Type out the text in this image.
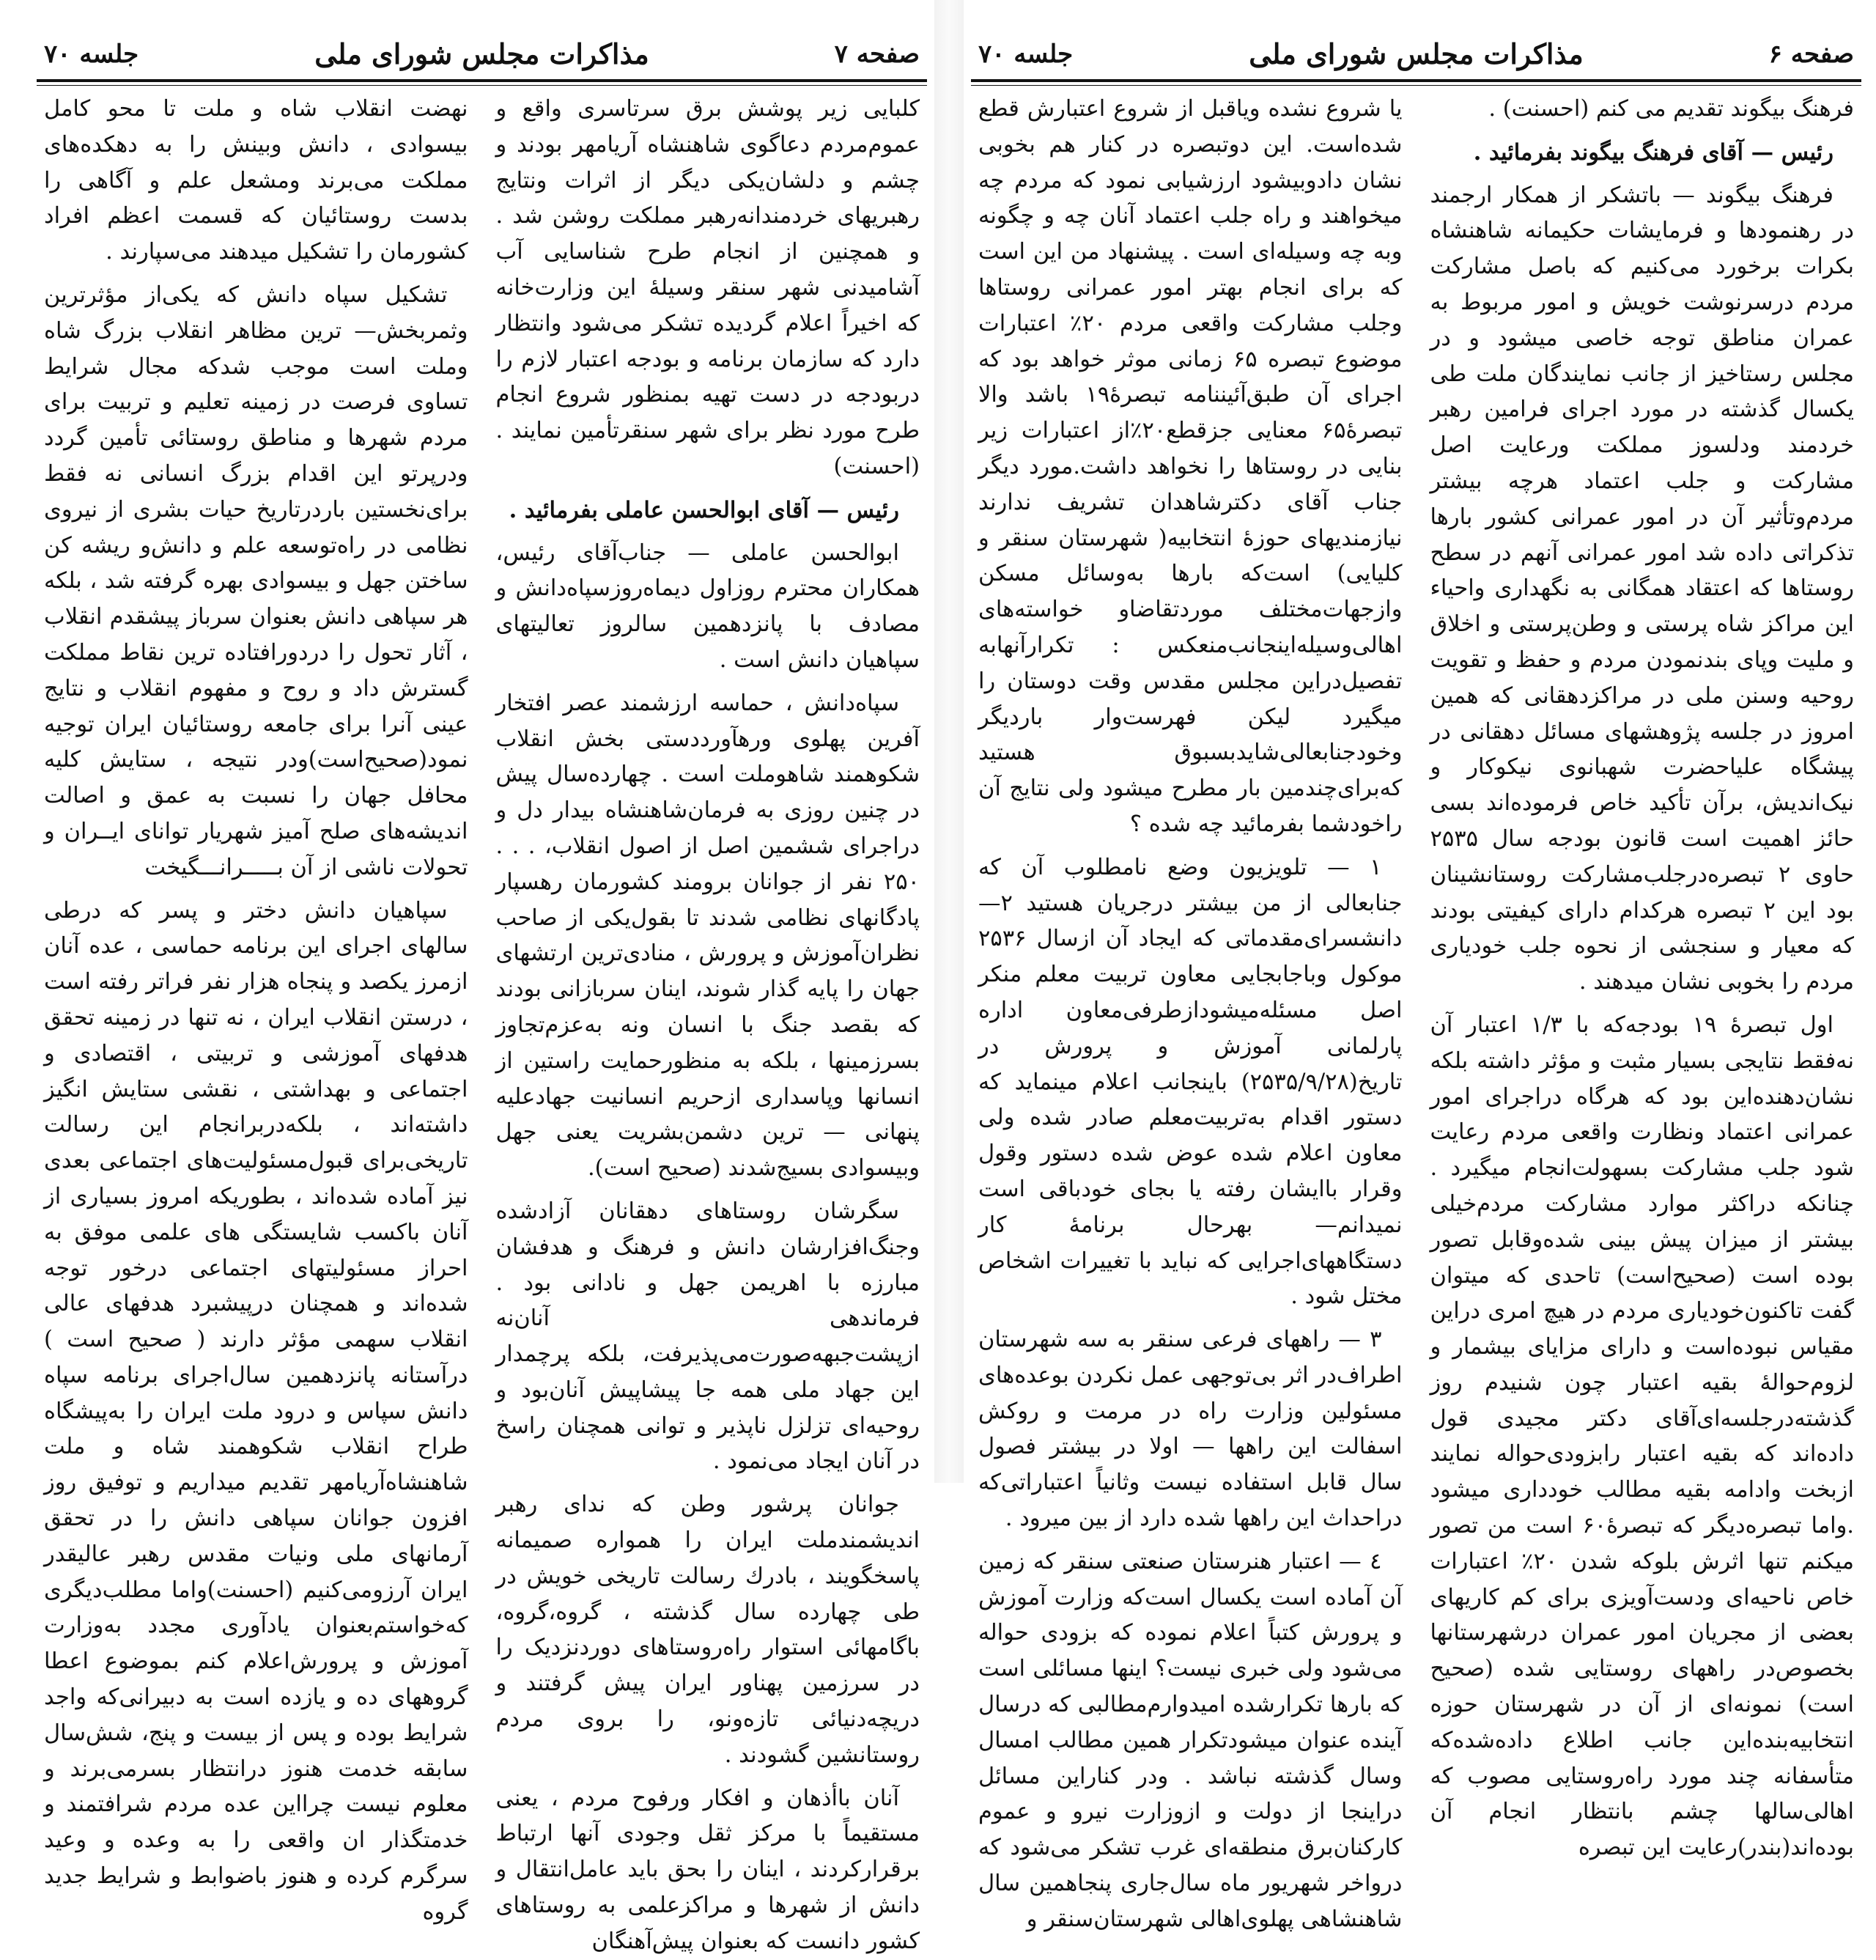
صفحه ۷
مذاکرات مجلس شورای ملی
جلسه ۷۰

کلبایی زیر پوشش برق سرتاسری واقع و عموم‌مردم دعاگوی شاهنشاه آریامهر بودند و چشم و دلشان‌یکی دیگر از اثرات ونتایج رهبریهای خردمندانه‌رهبر مملکت روشن شد . و همچنین از انجام طرح شناسایی آب آشامیدنی شهر سنقر وسیلهٔ این وزارت‌خانه که اخیراً اعلام گردیده تشکر می‌شود وانتظار دارد که سازمان برنامه و بودجه اعتبار لازم را دربودجه در دست تهیه بمنظور شروع انجام طرح مورد نظر برای شهر سنقرتأمین نمایند .(احسنت)

رئیس — آقای ابوالحسن عاملی بفرمائید .

ابوالحسن عاملی — جناب‌آقای رئیس، همکاران محترم روزاول دیماه‌روزسپاه‌دانش و مصادف با پانزدهمین سالروز تعالیتهای سپاهیان دانش است .

سپاه‌دانش ، حماسه ارزشمند عصر افتخار آفرین پهلوی و‌رهآورد‌دستی بخش انقلاب شکوهمند شاهوملت است . چهارده‌سال پیش در چنین روزی به فرمان‌شاهنشاه بیدار دل و دراجرای ششمین اصل از اصول انقلاب، . . . ۲۵۰ نفر از جوانان برومند کشورمان رهسپار پادگانهای نظامی شدند تا بقول‌یکی از صاحب نظران‌آموزش و پرورش ، منادی‌ترین ارتشهای جهان را پایه گذار شوند، اینان سربازانی بودند که بقصد جنگ با انسان ونه به‌عزم‌تجاوز بسرزمینها ، بلکه به منظورحمایت راستین از انسانها وپاسداری ازحریم انسانیت جهادعلیه پنهانی — ترین دشمن‌بشریت یعنی جهل وبیسوادی بسیج‌شدند (صحیح است).

سگرشان روستاهای دهقانان آزادشده وجنگ‌افزارشان دانش و فرهنگ و هدفشان مبارزه با اهریمن جهل و نادانی بود . فرماندهی آنان‌نه ازپشت‌جبهه‌صورت‌می‌پذیرفت، بلکه پرچمدار این جهاد ملی همه جا پیشاپیش آنان‌بود و روحیه‌ای تزلزل ناپذیر و توانی همچنان راسخ در آنان ایجاد می‌نمود .

جوانان پرشور وطن که ندای رهبر اندیشمندملت ایران را همواره صمیمانه پاسخگویند ، بادرك رسالت تاریخی خویش در طی چهارده سال گذشته ، گروه،گروه، باگامهائی استوار راه‌روستاهای دوردنزدیک را در سرزمین پهناور ایران پیش گرفتند و دریچه‌دنیائی تازه‌ونو، را بروی مردم روستانشین گشودند .

آنان باأذهان و افکار ورفوح مردم ، یعنی مستقیماً با مرکز ثقل وجودی آنها ارتباط برقرارکردند ، اینان را بحق باید عامل‌انتقال و دانش از شهرها و مراکزعلمی به روستاهای کشور دانست که بعنوان پیش‌آهنگان

نهضت انقلاب شاه و ملت تا محو کامل بیسوادی ، دانش وبینش را به دهکده‌های مملکت می‌برند ومشعل علم و آگاهی را بدست روستائیان که قسمت اعظم افراد کشورمان را تشکیل میدهند می‌سپارند .

تشکیل سپاه دانش که یکی‌از مؤثرترین وثمربخش— ترین مظاهر انقلاب بزرگ شاه وملت است موجب شدکه مجال شرایط تساوی فرصت در زمینه تعلیم و تربیت برای مردم شهرها و مناطق روستائی تأمین گردد ودرپرتو این اقدام بزرگ انسانی نه فقط برای‌نخستین باردرتاریخ حیات بشری از نیروی نظامی در راه‌توسعه علم و دانش‌و ریشه کن ساختن جهل و بیسوادی بهره گرفته شد ، بلکه هر سپاهی دانش بعنوان سرباز پیشقدم انقلاب ، آثار تحول را دردورافتاده ترین نقاط مملکت گسترش داد و روح و مفهوم انقلاب و نتایج عینی آنرا برای جامعه روستائیان ایران توجیه نمود(صحیح‌است)ودر نتیجه ، ستایش کلیه محافل جهان را نسبت به عمق و اصالت اندیشه‌های صلح آمیز شهریار توانای ایــران و تحولات ناشی از آن بـــــرانـــگیخت

سپاهیان دانش دختر و پسر که درطی سالهای اجرای این برنامه حماسی ، عده آنان ازمرز یکصد و پنجاه هزار نفر فراتر رفته است ، درستن انقلاب ایران ، نه تنها در زمینه تحقق هدفهای آموزشی و تربیتی ، اقتصادی و اجتماعی و بهداشتی ، نقشی ستایش انگیز داشته‌اند ، بلکه‌دربرانجام این رسالت تاریخی‌برای قبول‌مسئولیت‌های اجتماعی بعدی نیز آماده شده‌اند ، بطوریکه امروز بسیاری از آنان باکسب شایستگی های علمی موفق به احراز مسئولیتهای اجتماعی درخور توجه شده‌اند و همچنان درپیشبرد هدفهای عالی انقلاب سهمی مؤثر دارند ( صحیح است ) درآستانه پانزدهمین سال‌اجرای برنامه سپاه دانش سپاس و درود ملت ایران را به‌پیشگاه طراح انقلاب شکوهمند شاه و ملت شاهنشاه‌آریامهر تقدیم میداریم و توفیق روز افزون جوانان سپاهی دانش را در تحقق آرمانهای ملی ونیات مقدس رهبر عالیقدر ایران آرزومی‌کنیم (احسنت)واما مطلب‌دیگری که‌خواستم‌بعنوان یادآوری مجدد به‌وزارت آموزش و پرورش‌اعلام کنم بموضوع اعطا گروههای ده و یازده است به دبیرانی‌که واجد شرایط بوده و پس از بیست و پنج، شش‌سال سابقه خدمت هنوز درانتظار بسرمی‌برند و معلوم نیست چرااین عده مردم شرافتمند و خدمتگذار ان واقعی را به وعده و وعید سرگرم کرده و هنوز باضوابط و شرایط جدید گروه

صفحه ۶
مذاکرات مجلس شورای ملی
جلسه ۷۰

فرهنگ بیگوند تقدیم می کنم (احسنت) .

رئیس — آقای فرهنگ بیگوند بفرمائید .

فرهنگ بیگوند — باتشکر از همکار ارجمند در رهنمودها و فرمایشات حکیمانه شاهنشاه بکرات برخورد می‌کنیم که باصل مشارکت مردم درسرنوشت خویش و امور مربوط به عمران مناطق توجه خاصی میشود و در مجلس رستاخیز از جانب نمایندگان ملت طی یکسال گذشته در مورد اجرای فرامین رهبر خردمند ودلسوز مملکت ورعایت اصل مشارکت و جلب اعتماد هرچه بیشتر مردم‌وتأثیر آن در امور عمرانی کشور بارها تذکراتی داده شد امور عمرانی آنهم در سطح روستاها که اعتقاد همگانی به نگهداری واحیاء این مراکز شاه پرستی و وطن‌پرستی و اخلاق و ملیت وپای بندنمودن مردم و حفظ و تقویت روحیه وسنن ملی در مراکزدهقانی که همین امروز در جلسه پژوهشهای مسائل دهقانی در پیشگاه علیاحضرت شهبانوی نیکوکار و نیک‌اندیش، برآن تأکید خاص فرموده‌اند بسی حائز اهمیت است قانون بودجه سال ۲۵۳۵ حاوی ۲ تبصره‌درجلب‌مشارکت روستانشینان بود این ۲ تبصره هرکدام دارای کیفیتی بودند که معیار و سنجشی از نحوه جلب خودیاری مردم را بخوبی نشان میدهند .

اول تبصرهٔ ۱۹ بودجه‌که با ۱/۳ اعتبار آن نه‌فقط نتایجی بسیار مثبت و مؤثر داشته بلکه نشان‌دهنده‌این بود که هرگاه دراجرای امور عمرانی اعتماد ونظارت واقعی مردم رعایت شود جلب مشارکت بسهولت‌انجام میگیرد . چنانکه دراکثر موارد مشارکت مردم‌خیلی بیشتر از میزان پیش بینی شده‌وقابل تصور بوده است (صحیح‌است) تاحدی که میتوان گفت تاکنون‌خودیاری مردم در هیچ امری دراین مقیاس نبوده‌است و دارای مزایای بیشمار و لزوم‌حوالهٔ بقیه اعتبار چون شنیدم روز گذشته‌درجلسه‌ای‌آقای دکتر مجیدی قول داده‌اند که بقیه اعتبار رابزودی‌حواله نمایند ازبخت وادامه بقیه مطالب خودداری میشود .واما تبصره‌دیگر که تبصرهٔ۶۰ است من تصور میکنم تنها اثرش بلوکه شدن ۲۰٪ اعتبارات خاص ناحیه‌ای ودست‌آویزی برای کم کاریهای بعضی از مجریان امور عمران درشهرستانها بخصوص‌در راههای روستایی شده (صحیح است) نمونه‌ای از آن در شهرستان حوزه انتخابیه‌بنده‌این جانب اطلاع داده‌شده‌که متأسفانه چند مورد راه‌روستایی مصوب که اهالی‌سالها چشم بانتظار انجام آن بوده‌اند(بندر)رعایت این تبصره

یا شروع نشده ویاقبل از شروع اعتبارش قطع شده‌است. این دوتبصره در کنار هم بخوبی نشان دادوبیشود ارزشیابی نمود که مردم چه میخواهند و راه جلب اعتماد آنان چه و چگونه وبه چه وسیله‌ای است . پیشنهاد من این است که برای انجام بهتر امور عمرانی روستاها وجلب مشارکت واقعی مردم ۲۰٪ اعتبارات موضوع تبصره ۶۵ زمانی موثر خواهد بود که اجرای آن طبق‌آئیننامه تبصرهٔ۱۹ باشد والا تبصرهٔ۶۵ معنایی جزقطع۲۰٪از اعتبارات زیر بنایی در روستاها را نخواهد داشت.مورد دیگر جناب آقای دکترشاهدان تشریف ندارند نیازمندیهای حوزهٔ انتخابیه( شهرستان سنقر و کلیایی) است‌که بارها به‌وسائل مسکن وازجهات‌مختلف موردتقاضاو خواسته‌های اهالی‌وسیله‌اینجانب‌منعکس : تکرارآنهابه تفصیل‌دراین مجلس مقدس وقت دوستان را میگیرد لیکن فهرست‌وار باردیگر وخودجنابعالی‌شایدبسبوق هستید که‌برای‌چندمین بار مطرح میشود ولی نتایج آن راخودشما بفرمائید چه شده ؟

۱ — تلویزیون وضع نامطلوب آن که جنابعالی از من بیشتر درجریان هستید ۲— دانشسرای‌مقدماتی که ایجاد آن ازسال ۲۵۳۶ موکول وباجابجایی معاون تربیت معلم منکر اصل مسئله‌میشودازطرفی‌معاون اداره پارلمانی آموزش و پرورش در تاریخ(۲۵۳۵/۹/۲۸) باینجانب اعلام مینماید که دستور اقدام به‌تربیت‌معلم صادر شده ولی معاون اعلام شده عوض شده دستور وقول وقرار باایشان رفته یا بجای خودباقی است نمیدانم— بهرحال برنامهٔ کار دستگاههای‌اجرایی که نباید با تغییرات اشخاص مختل شود .

۳ — راههای فرعی سنقر به سه شهرستان اطراف‌در اثر بی‌توجهی عمل نکردن بوعده‌های مسئولین وزارت راه در مرمت و روکش اسفالت این راهها — اولا در بیشتر فصول سال قابل استفاده نیست وثانیاً اعتباراتی‌که دراحداث این راهها شده دارد از بین میرود .

٤ — اعتبار هنرستان صنعتی سنقر که زمین آن آماده است یکسال است‌که وزارت آموزش و پرورش کتباً اعلام نموده که بزودی حواله می‌شود ولی خبری نیست؟ اینها مسائلی است که بارها تکرارشده امیدوارم‌مطالبی که درسال آینده عنوان میشودتکرار همین مطالب امسال وسال گذشته نباشد . ودر کناراین مسائل دراینجا از دولت و ازوزارت نیرو و عموم کارکنان‌برق منطقه‌ای غرب تشکر می‌شود که درواخر شهریور ماه سال‌جاری پنجاهمین سال شاهنشاهی پهلوی‌اهالی شهرستان‌سنقر و
